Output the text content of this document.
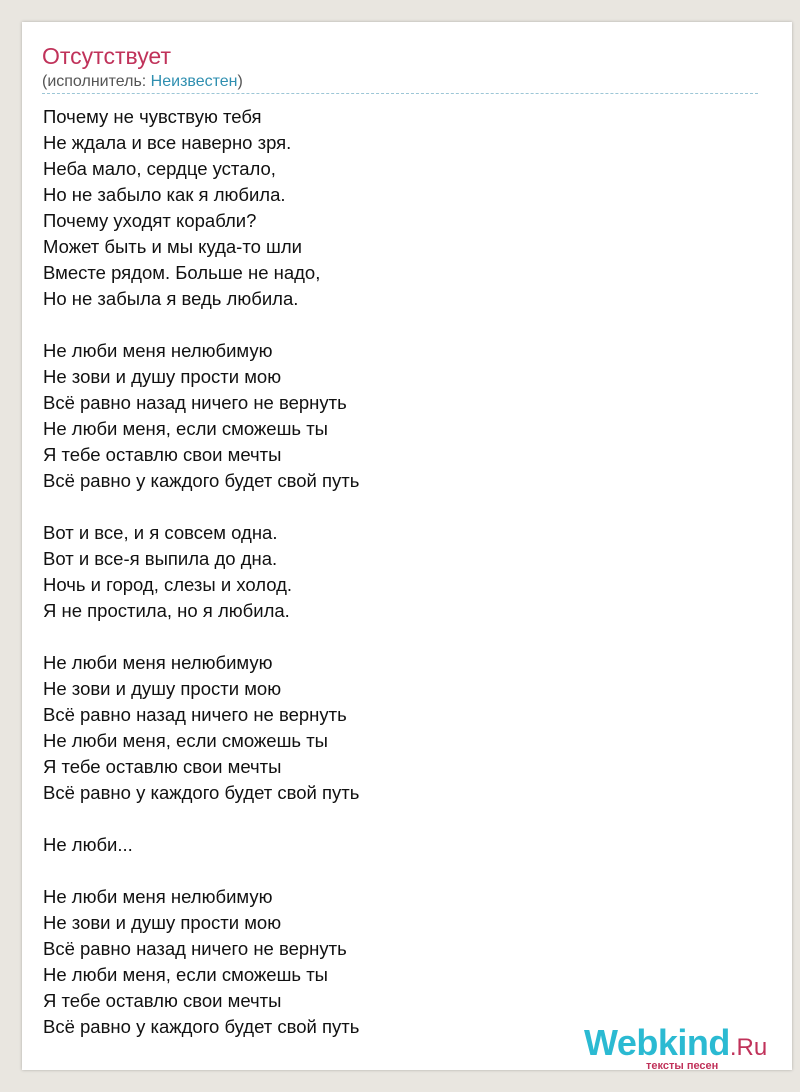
Отсутствует
(исполнитель: Неизвестен)
Почему не чувствую тебя
Не ждала и все наверно зря.
Неба мало, сердце устало,
Но не забыло как я любила.
Почему уходят корабли?
Может быть и мы куда-то шли
Вместе рядом. Больше не надо,
Но не забыла я ведь любила.
Не люби меня нелюбимую
Не зови и душу прости мою
Всё равно назад ничего не вернуть
Не люби меня, если сможешь ты
Я тебе оставлю свои мечты
Всё равно у каждого будет свой путь
Вот и все, и я совсем одна.
Вот и все-я выпила до дна.
Ночь и город, слезы и холод.
Я не простила, но я любила.
Не люби меня нелюбимую
Не зови и душу прости мою
Всё равно назад ничего не вернуть
Не люби меня, если сможешь ты
Я тебе оставлю свои мечты
Всё равно у каждого будет свой путь
Не люби...
Не люби меня нелюбимую
Не зови и душу прости мою
Всё равно назад ничего не вернуть
Не люби меня, если сможешь ты
Я тебе оставлю свои мечты
Всё равно у каждого будет свой путь	Webkind.Ru
тексты песен
